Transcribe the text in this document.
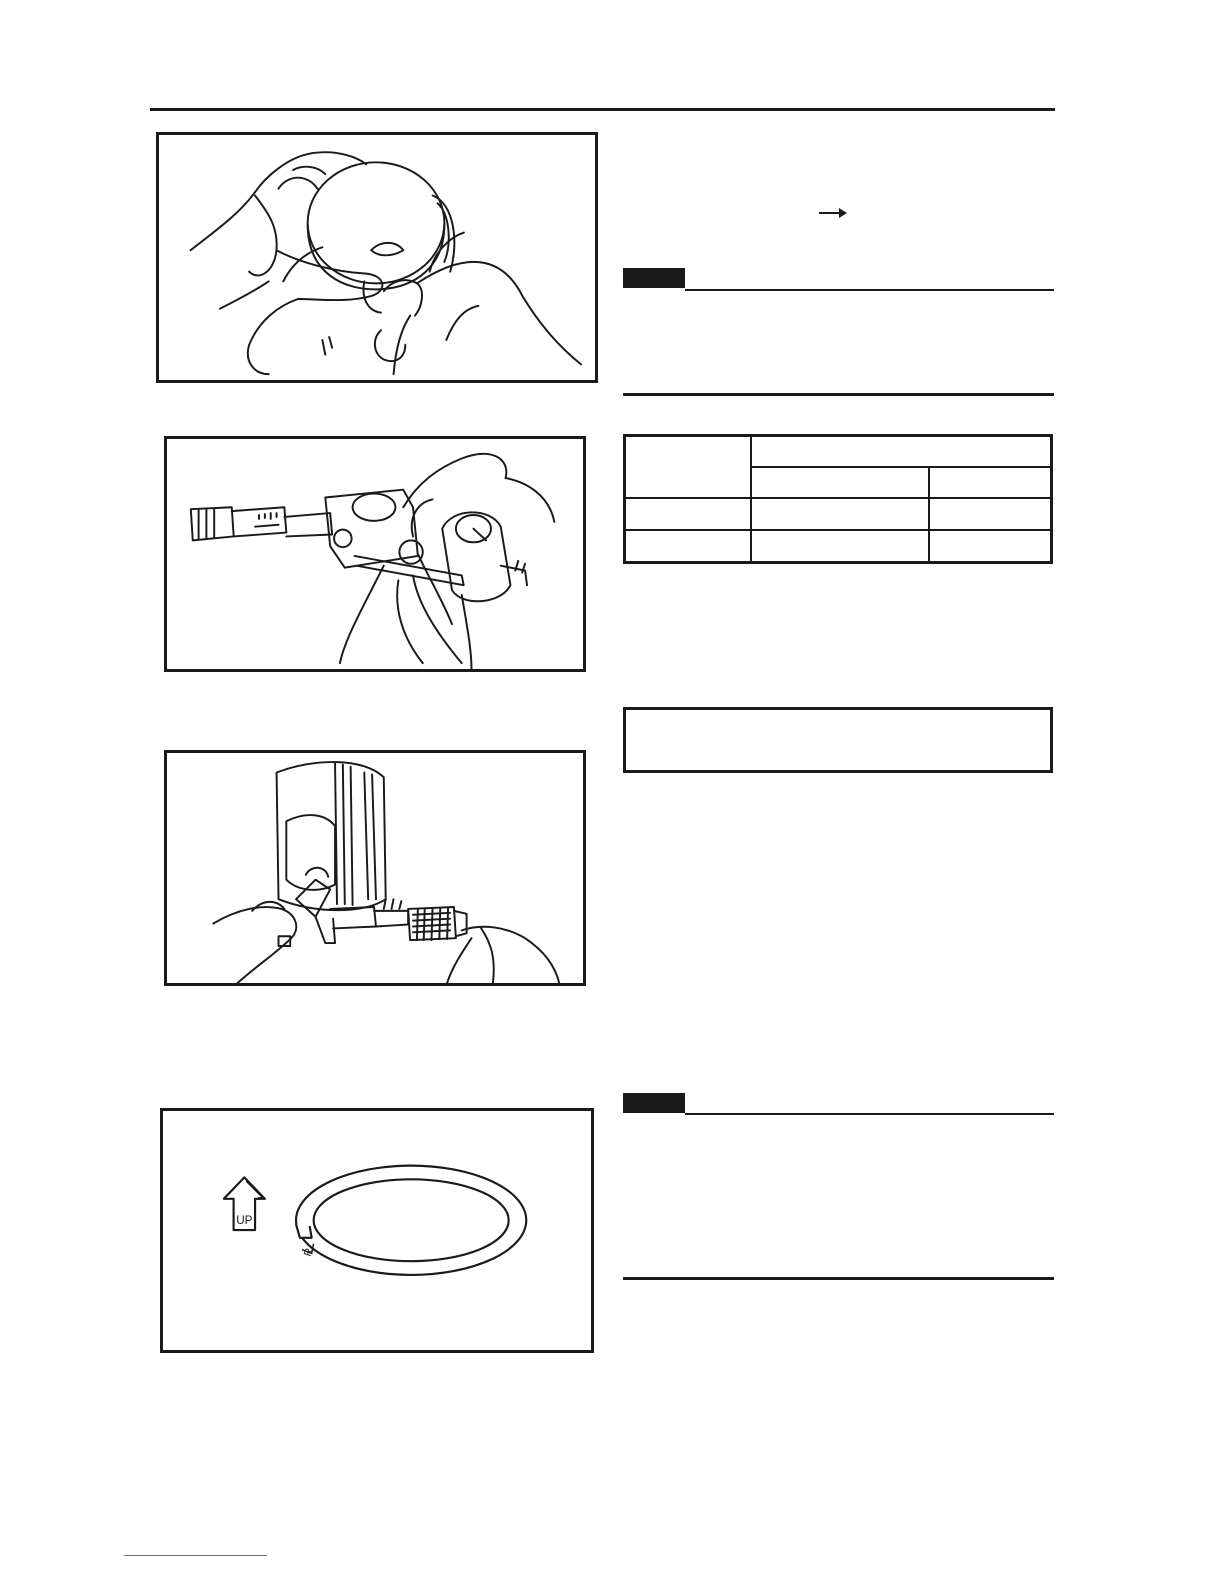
UP
R
